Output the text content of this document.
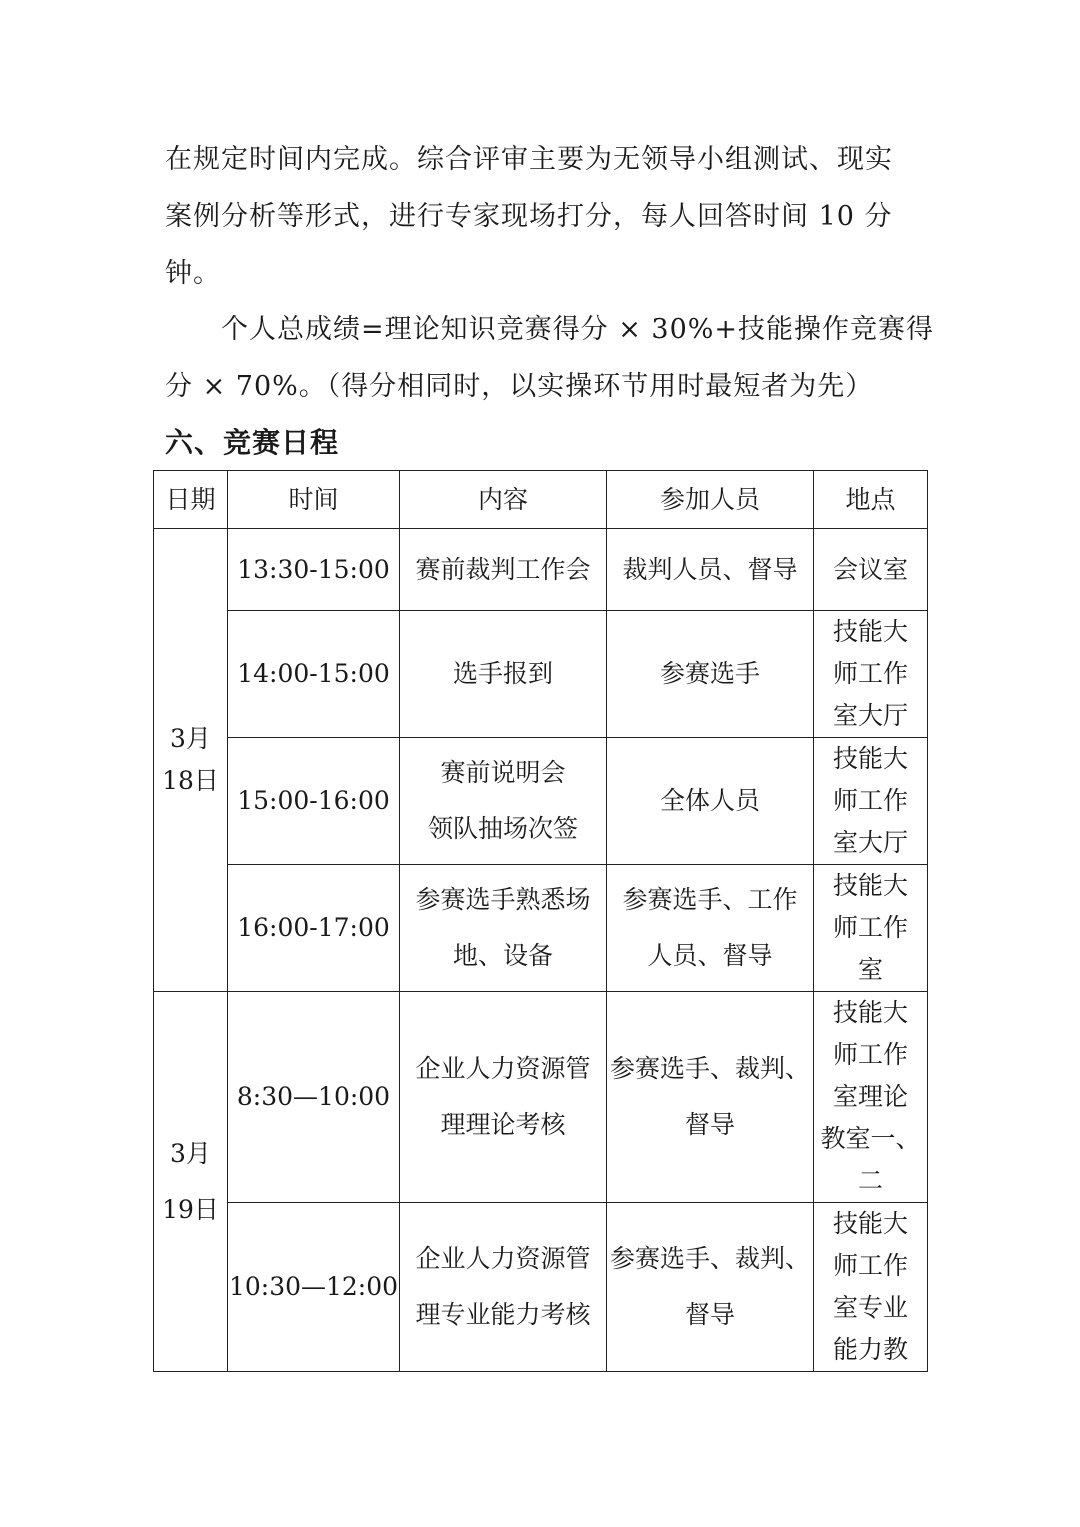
在规定时间内完成。综合评审主要为无领导小组测试、现实
案例分析等形式，进行专家现场打分，每人回答时间 10 分
钟。
个人总成绩=理论知识竞赛得分 × 30%+技能操作竞赛得
分 × 70%。（得分相同时，以实操环节用时最短者为先）
六、竞赛日程
日期	时间	内容	参加人员	地点

3月
18日	13:30-15:00	赛前裁判工作会	裁判人员、督导	会议室

	14:00-15:00	选手报到	参赛选手	技能大
师工作
室大厅

	15:00-16:00	赛前说明会
领队抽场次签	全体人员	技能大
师工作
室大厅

	16:00-17:00	参赛选手熟悉场
地、设备	参赛选手、工作
人员、督导	技能大
师工作
室

3月
19日	8:30—10:00	企业人力资源管
理理论考核	参赛选手、裁判、
督导	技能大
师工作
室理论
教室一、
二

	10:30—12:00	企业人力资源管
理专业能力考核	参赛选手、裁判、
督导	技能大
师工作
室专业
能力教
